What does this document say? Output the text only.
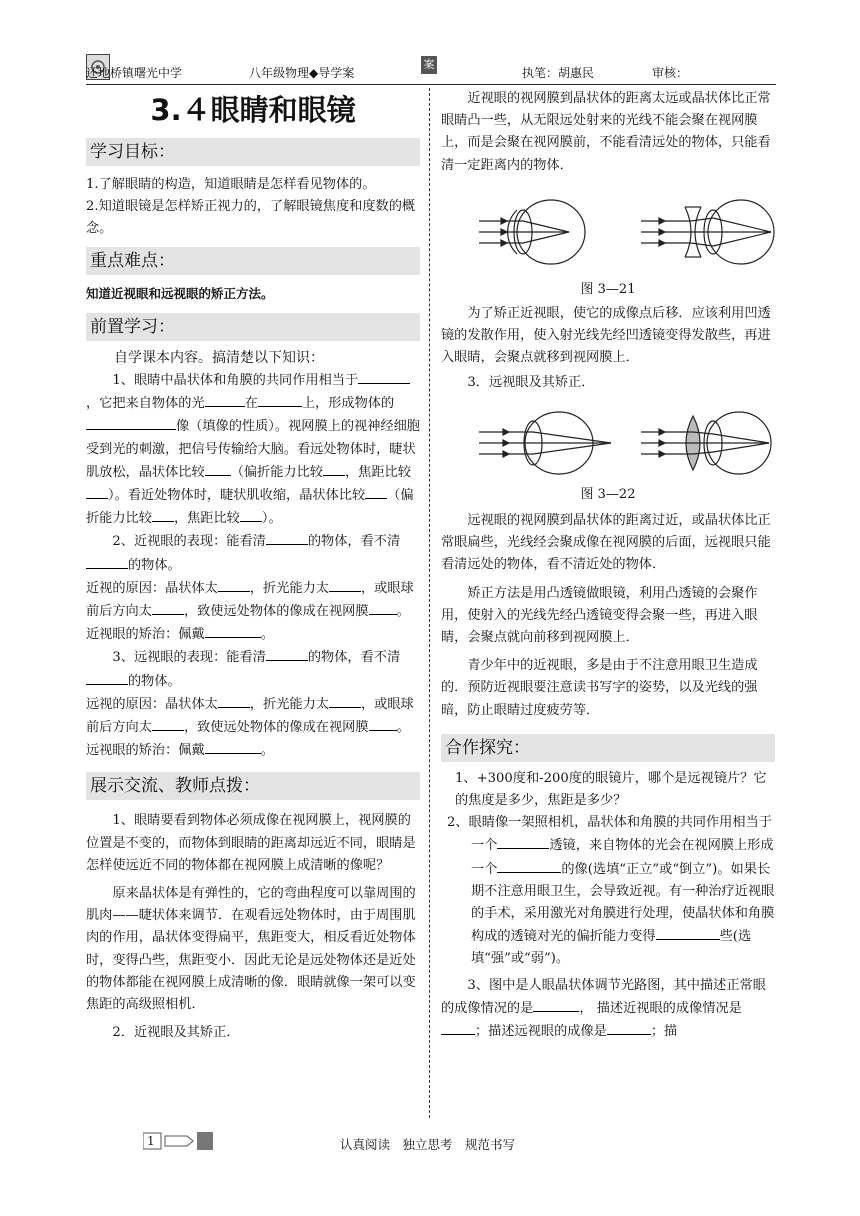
还地桥镇曙光中学	八年级物理◆导学案
案
执笔：胡惠民	审核：
3.４眼睛和眼镜
学习目标：

1.了解眼睛的构造，知道眼睛是怎样看见物体的。

2.知道眼镜是怎样矫正视力的，了解眼镜焦度和度数的概念。

重点难点：

知道近视眼和远视眼的矫正方法。

前置学习：

自学课本内容。搞清楚以下知识：

1、眼睛中晶状体和角膜的共同作用相当于，它把来自物体的光	在	上，形成物体的像（填像的性质）。视网膜上的视神经细胞受到光的刺激，把信号传输给大脑。看远处物体时，睫状肌放松，晶状体比较 （偏折能力比较 ，焦距比较）。看近处物体时，睫状肌收缩，晶状体比较 （偏折能力比较 ，焦距比较 ）。

2、近视眼的表现：能看清	的物体，看不清的物体。

近视的原因：晶状体太 ，折光能力太 ，或眼球前后方向太 ，致使远处物体的像成在视网膜 。 近视眼的矫治：佩戴	。

3、远视眼的表现：能看清	的物体，看不清的物体。

远视的原因：晶状体太 ，折光能力太 ，或眼球前后方向太 ，致使远处物体的像成在视网膜 。 远视眼的矫治：佩戴	。

展示交流、教师点拨：

1、眼睛要看到物体必须成像在视网膜上，视网膜的位置是不变的，而物体到眼睛的距离却远近不同，眼睛是怎样使远近不同的物体都在视网膜上成清晰的像呢？

原来晶状体是有弹性的，它的弯曲程度可以靠周围的肌肉——睫状体来调节．在观看远处物体时，由于周围肌肉的作用，晶状体变得扁平，焦距变大，相反看近处物体时，变得凸些，焦距变小．因此无论是远处物体还是近处的物体都能在视网膜上成清晰的像．眼睛就像一架可以变焦距的高级照相机．

2．近视眼及其矫正．

近视眼的视网膜到晶状体的距离太远或晶状体比正常眼睛凸一些，从无限远处射来的光线不能会聚在视网膜上，而是会聚在视网膜前，不能看清远处的物体，只能看清一定距离内的物体．

图 3—21

为了矫正近视眼，使它的成像点后移．应该利用凹透镜的发散作用，使入射光线先经凹透镜变得发散些，再进入眼睛，会聚点就移到视网膜上．

3．远视眼及其矫正．

图 3—22

远视眼的视网膜到晶状体的距离过近，或晶状体比正常眼扁些，光线经会聚成像在视网膜的后面，远视眼只能看清远处的物体，看不清近处的物体．

矫正方法是用凸透镜做眼镜，利用凸透镜的会聚作用，使射入的光线先经凸透镜变得会聚一些，再进入眼睛，会聚点就向前移到视网膜上．

青少年中的近视眼，多是由于不注意用眼卫生造成的．预防近视眼要注意读书写字的姿势，以及光线的强暗，防止眼睛过度疲劳等．

合作探究：

1、+300度和-200度的眼镜片，哪个是远视镜片？它的焦度是多少，焦距是多少？

2、眼睛像一架照相机，晶状体和角膜的共同作用相当于一个	透镜，来自物体的光会在视网膜上形成一个	的像(选填“正立”或“倒立”)。如果长期不注意用眼卫生，会导致近视。有一种治疗近视眼的手术，采用激光对角膜进行处理，使晶状体和角膜构成的透镜对光的偏折能力变得	些(选填“强”或“弱”)。

3、图中是人眼晶状体调节光路图，其中描述正常眼的成像情况的是	， 描述近视眼的成像情况是；描述远视眼的成像是	；描

1	认真阅读　独立思考　规范书写
